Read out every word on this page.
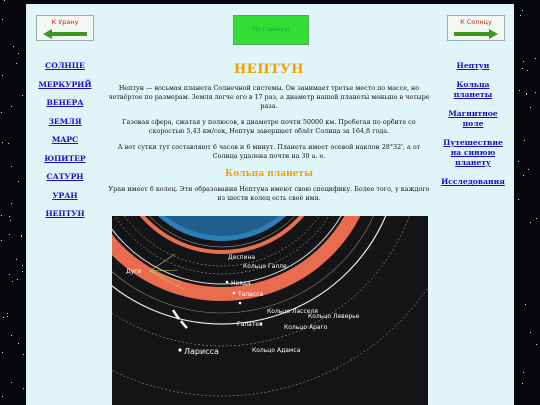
К Урану
На главную
К Солнцу
СОЛНЦЕ
МЕРКУРИЙ
ВЕНЕРА
ЗЕМЛЯ
МАРС
ЮПИТЕР
САТУРН
УРАН
НЕПТУН
Нептун
Кольца планеты
Магнитное поле
Путешествие на синюю планету
Исследования
НЕПТУН

Нептун — восьмая планета Солнечной системы. Он занимает третье место по массе, но четвёртое по размерам. Земля легче его в 17 раз, а диаметр нашей планеты меньше в четыре раза.

Газовая сфера, сжатая у полюсов, в диаметре почти 50000 км. Пробегая по орбите со скоростью 5,43 км/сек, Нептун завершает облёт Солнца за 164,8 года.

А вот сутки тут составляют 6 часов и 6 минут. Планета имеет осевой наклон 28°32', а от Солнца удалена почти на 30 а. е.

Кольца планеты

Уран имеет 6 колец. Эти образования Нептуна имеют свою специфику. Более того, у каждого из шести колец есть своё имя.

Деспина
Кольцо Галле
Дуги
Наяда
Таласса
Кольцо Ласселя
Кольцо Леверье
Галатея	Кольцо Араго
Ларисса	Кольцо Адамса
